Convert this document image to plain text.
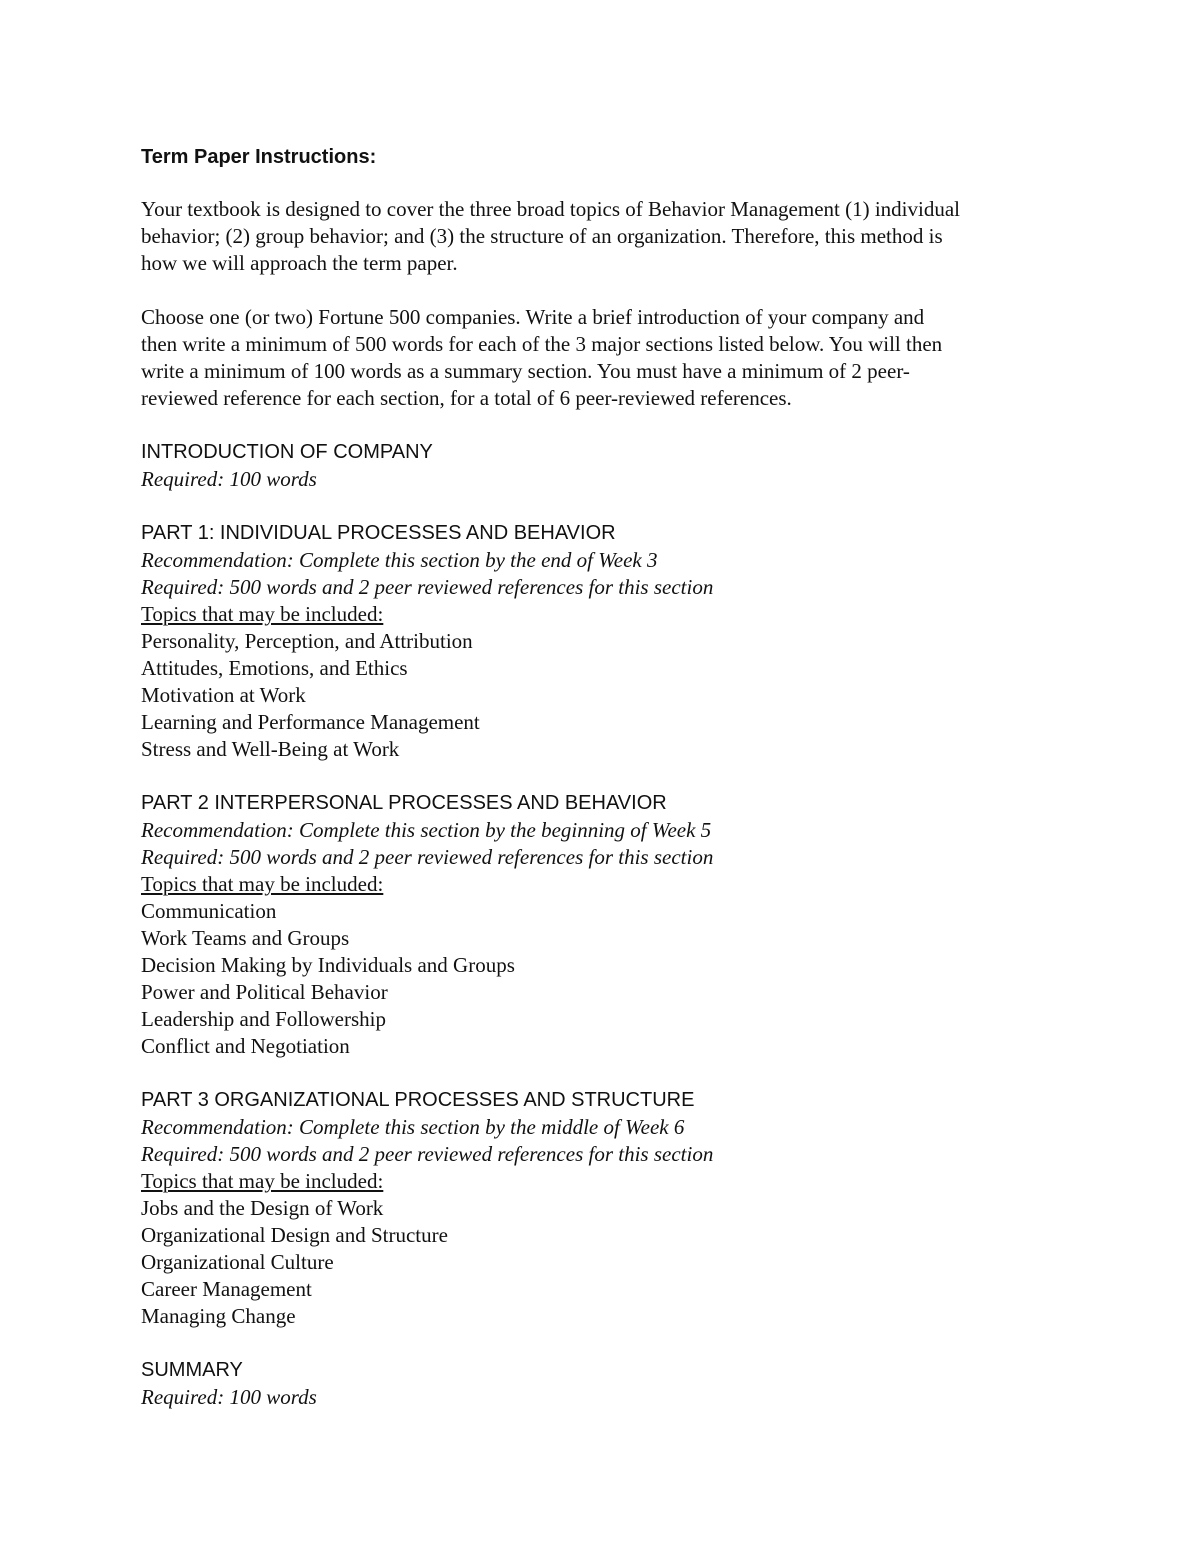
Term Paper Instructions:
Your textbook is designed to cover the three broad topics of Behavior Management (1) individual
behavior; (2) group behavior; and (3) the structure of an organization. Therefore, this method is
how we will approach the term paper.
Choose one (or two) Fortune 500 companies. Write a brief introduction of your company and
then write a minimum of 500 words for each of the 3 major sections listed below. You will then
write a minimum of 100 words as a summary section. You must have a minimum of 2 peer-
reviewed reference for each section, for a total of 6 peer-reviewed references.
INTRODUCTION OF COMPANY
Required: 100 words
PART 1: INDIVIDUAL PROCESSES AND BEHAVIOR
Recommendation: Complete this section by the end of Week 3
Required: 500 words and 2 peer reviewed references for this section
Topics that may be included:
Personality, Perception, and Attribution
Attitudes, Emotions, and Ethics
Motivation at Work
Learning and Performance Management
Stress and Well-Being at Work
PART 2 INTERPERSONAL PROCESSES AND BEHAVIOR
Recommendation: Complete this section by the beginning of Week 5
Required: 500 words and 2 peer reviewed references for this section
Topics that may be included:
Communication
Work Teams and Groups
Decision Making by Individuals and Groups
Power and Political Behavior
Leadership and Followership
Conflict and Negotiation
PART 3 ORGANIZATIONAL PROCESSES AND STRUCTURE
Recommendation: Complete this section by the middle of Week 6
Required: 500 words and 2 peer reviewed references for this section
Topics that may be included:
Jobs and the Design of Work
Organizational Design and Structure
Organizational Culture
Career Management
Managing Change
SUMMARY
Required: 100 words
